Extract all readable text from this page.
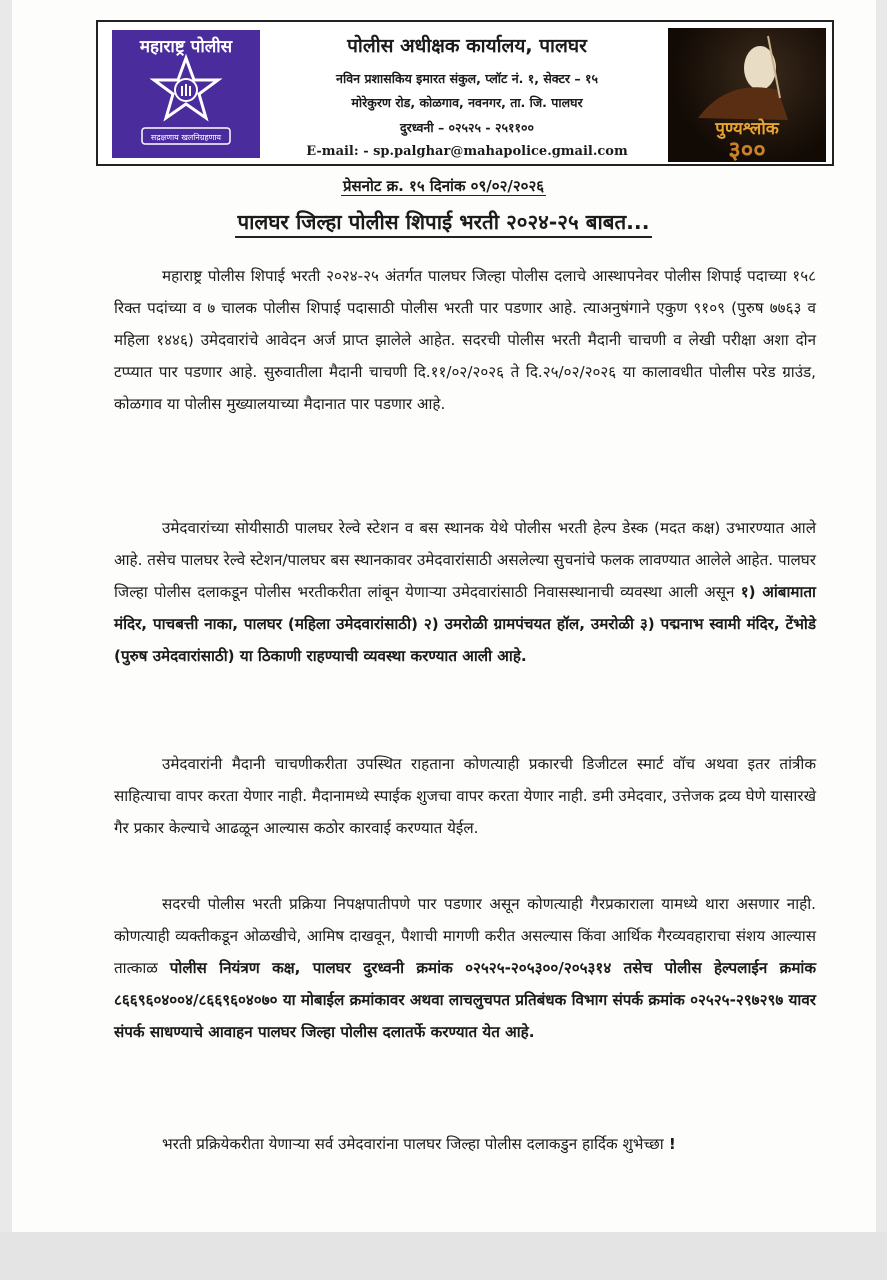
महाराष्ट्र पोलीस
सद्रक्षणाय खलनिग्रहणाय
पोलीस अधीक्षक कार्यालय, पालघर
नविन प्रशासकिय इमारत संकुल, प्लॉट नं. १, सेक्टर – १५
मोरेकुरण रोड, कोळगाव, नवनगर, ता. जि. पालघर
दुरध्वनी – ०२५२५ - २५११००
E-mail: - sp.palghar@mahapolice.gmail.com
पुण्यश्लोक
३००
प्रेसनोट क्र. १५ दिनांक ०९/०२/२०२६
पालघर जिल्हा पोलीस शिपाई भरती २०२४-२५ बाबत...
महाराष्ट्र पोलीस शिपाई भरती २०२४-२५ अंतर्गत पालघर जिल्हा पोलीस दलाचे आस्थापनेवर पोलीस शिपाई पदाच्या १५८ रिक्त पदांच्या व ७ चालक पोलीस शिपाई पदासाठी पोलीस भरती पार पडणार आहे. त्याअनुषंगाने एकुण ९१०९ (पुरुष ७७६३ व महिला १४४६) उमेदवारांचे आवेदन अर्ज प्राप्त झालेले आहेत. सदरची पोलीस भरती मैदानी चाचणी व लेखी परीक्षा अशा दोन टप्प्यात पार पडणार आहे. सुरुवातीला मैदानी चाचणी दि.११/०२/२०२६ ते दि.२५/०२/२०२६ या कालावधीत पोलीस परेड ग्राउंड, कोळगाव या पोलीस मुख्यालयाच्या मैदानात पार पडणार आहे.
उमेदवारांच्या सोयीसाठी पालघर रेल्वे स्टेशन व बस स्थानक येथे पोलीस भरती हेल्प डेस्क (मदत कक्ष) उभारण्यात आले आहे. तसेच पालघर रेल्वे स्टेशन/पालघर बस स्थानकावर उमेदवारांसाठी असलेल्या सुचनांचे फलक लावण्यात आलेले आहेत. पालघर जिल्हा पोलीस दलाकडून पोलीस भरतीकरीता लांबून येणाऱ्या उमेदवारांसाठी निवासस्थानाची व्यवस्था आली असून १) आंबामाता मंदिर, पाचबत्ती नाका, पालघर (महिला उमेदवारांसाठी) २) उमरोळी ग्रामपंचयत हॉल, उमरोळी ३) पद्मनाभ स्वामी मंदिर, टेंभोडे (पुरुष उमेदवारांसाठी) या ठिकाणी राहण्याची व्यवस्था करण्यात आली आहे.
उमेदवारांनी मैदानी चाचणीकरीता उपस्थित राहताना कोणत्याही प्रकारची डिजीटल स्मार्ट वॉच अथवा इतर तांत्रीक साहित्याचा वापर करता येणार नाही. मैदानामध्ये स्पाईक शुजचा वापर करता येणार नाही. डमी उमेदवार, उत्तेजक द्रव्य घेणे यासारखे गैर प्रकार केल्याचे आढळून आल्यास कठोर कारवाई करण्यात येईल.
सदरची पोलीस भरती प्रक्रिया निपक्षपातीपणे पार पडणार असून कोणत्याही गैरप्रकाराला यामध्ये थारा असणार नाही. कोणत्याही व्यक्तीकडून ओळखीचे, आमिष दाखवून, पैशाची मागणी करीत असल्यास किंवा आर्थिक गैरव्यवहाराचा संशय आल्यास तात्काळ पोलीस नियंत्रण कक्ष, पालघर दुरध्वनी क्रमांक ०२५२५-२०५३००/२०५३१४ तसेच पोलीस हेल्पलाईन क्रमांक ८६६९६०४००४/८६६९६०४०७० या मोबाईल क्रमांकावर अथवा लाचलुचपत प्रतिबंधक विभाग संपर्क क्रमांक ०२५२५-२९७२९७ यावर संपर्क साधण्याचे आवाहन पालघर जिल्हा पोलीस दलातर्फे करण्यात येत आहे.
भरती प्रक्रियेकरीता येणाऱ्या सर्व उमेदवारांना पालघर जिल्हा पोलीस दलाकडुन हार्दिक शुभेच्छा !
